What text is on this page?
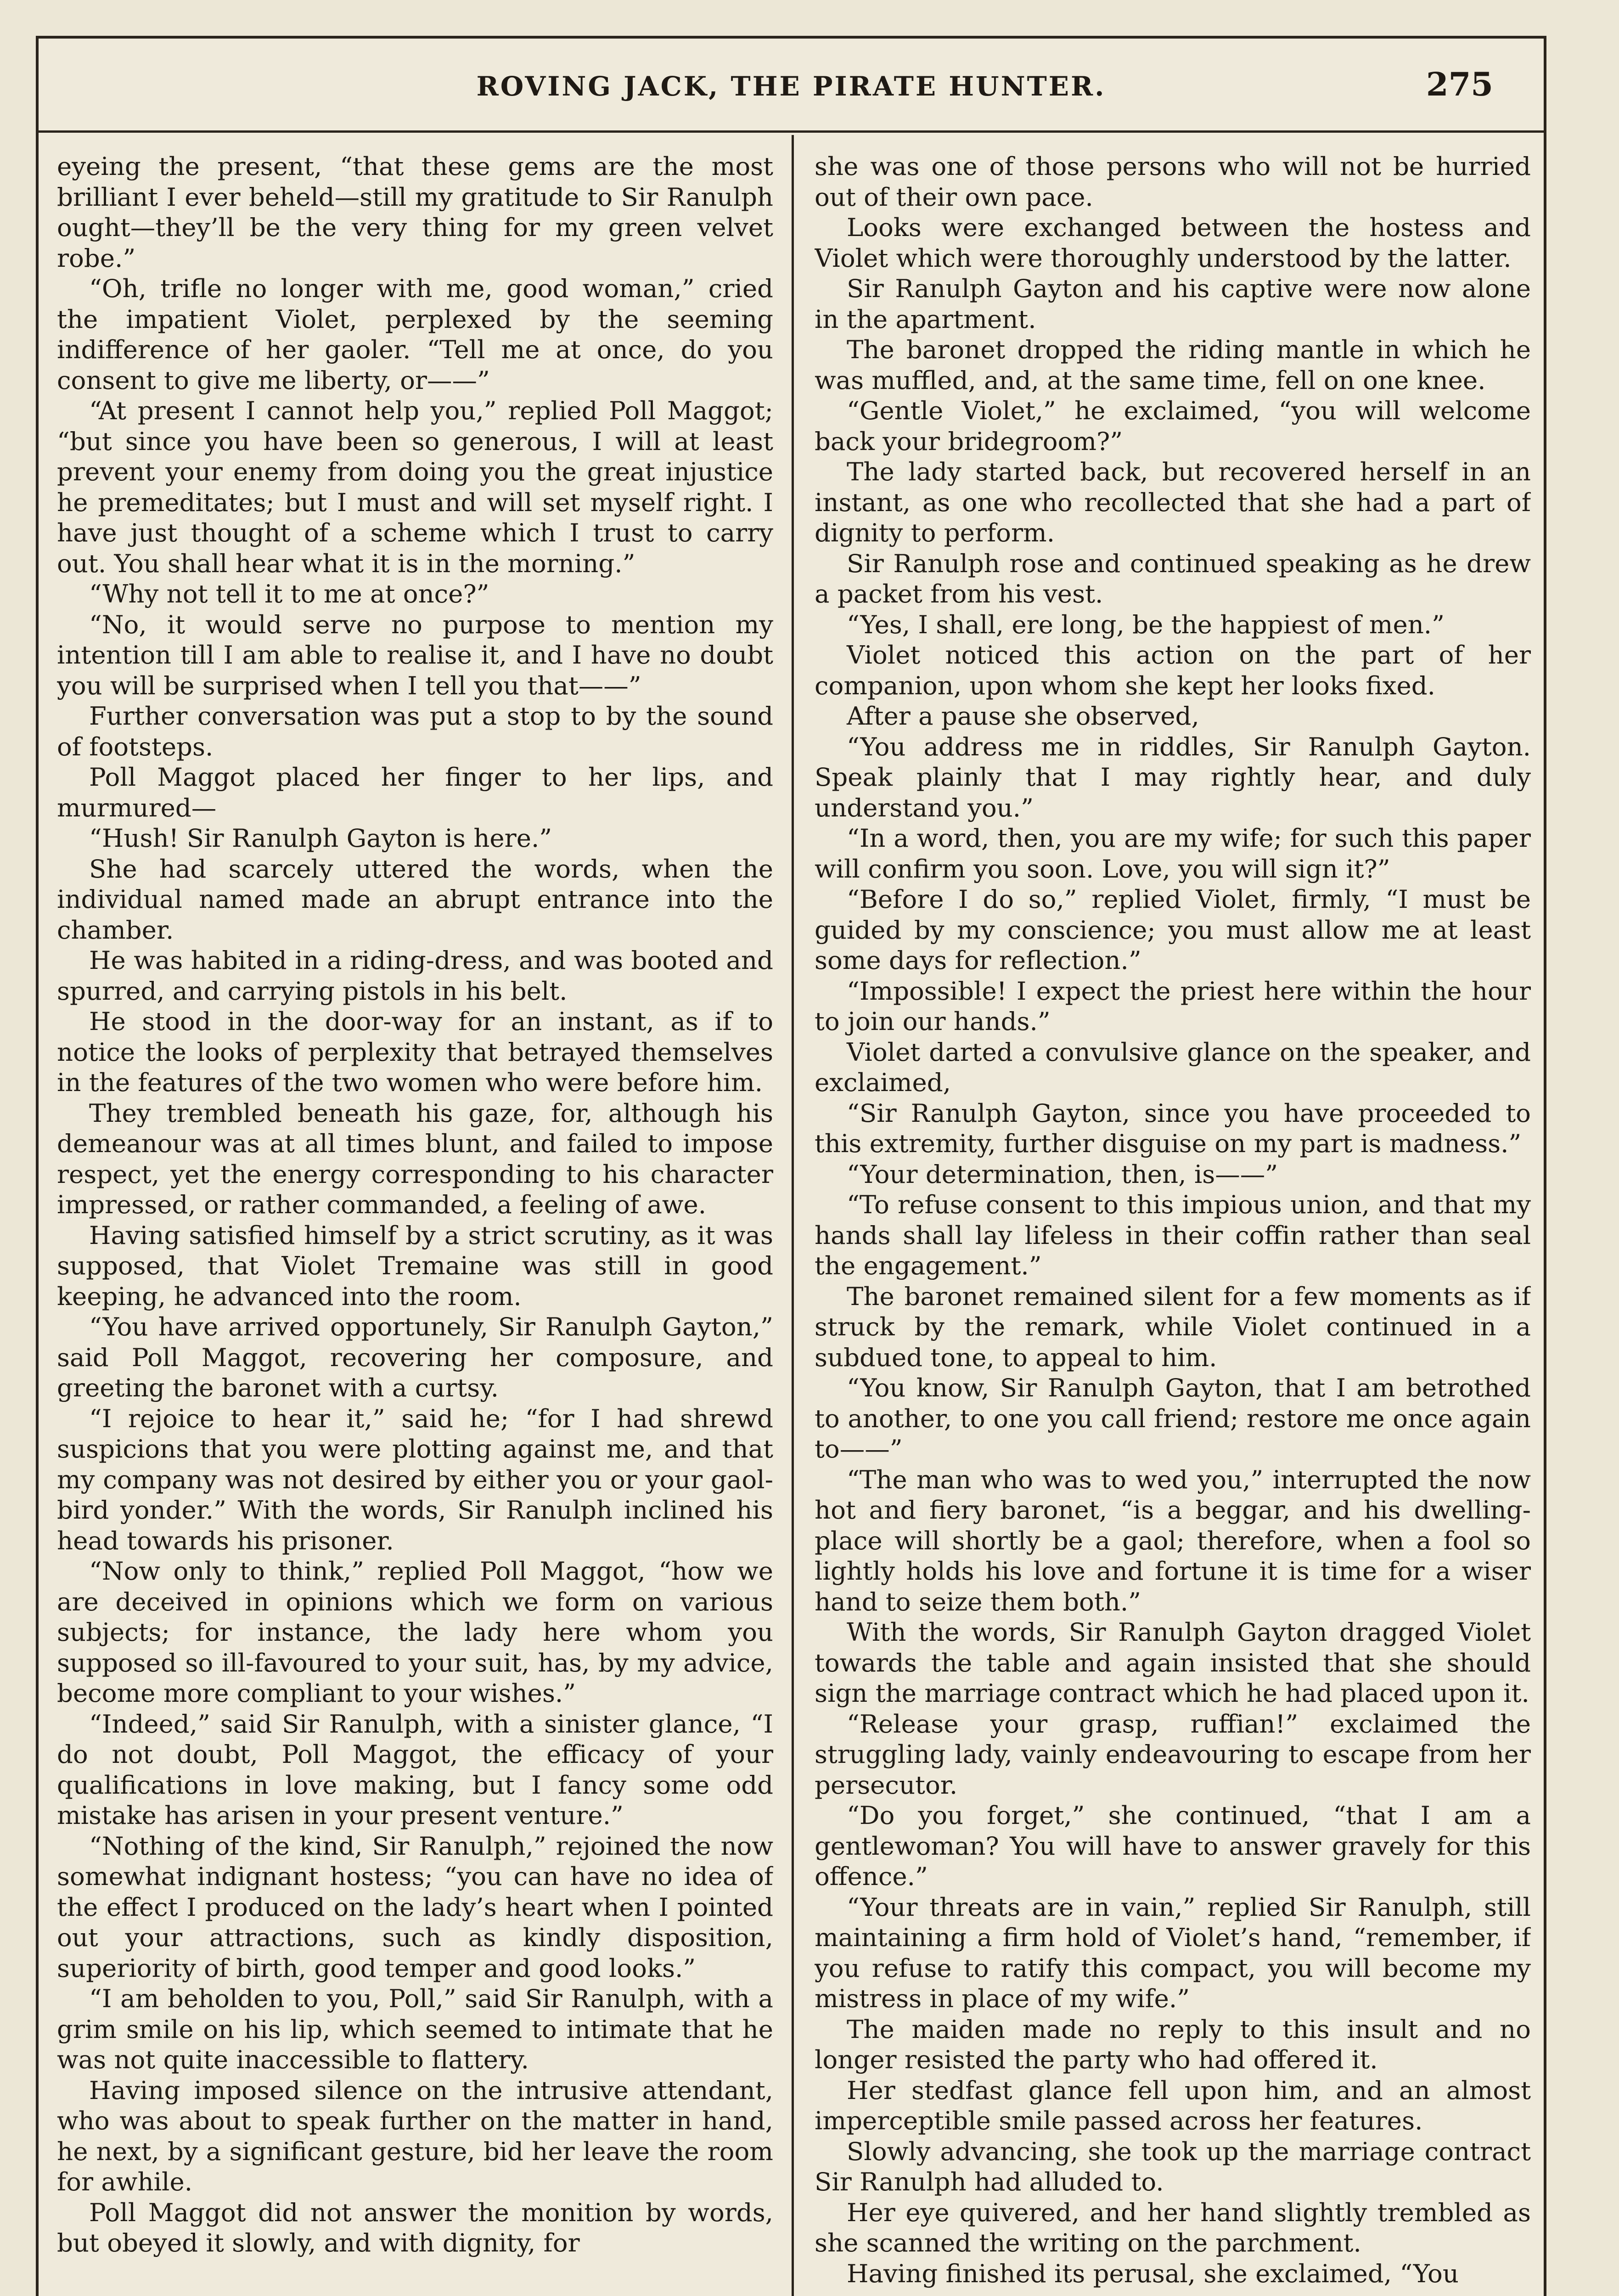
ROVING JACK, THE PIRATE HUNTER.	275

eyeing the present, “that these gems are the most brilliant I ever beheld—still my gratitude to Sir Ranulph ought—they’ll be the very thing for my green velvet robe.”

“Oh, trifle no longer with me, good woman,” cried the impatient Violet, perplexed by the seeming indifference of her gaoler. “Tell me at once, do you consent to give me liberty, or——”

“At present I cannot help you,” replied Poll Maggot; “but since you have been so generous, I will at least prevent your enemy from doing you the great injustice he premeditates; but I must and will set myself right. I have just thought of a scheme which I trust to carry out. You shall hear what it is in the morning.”

“Why not tell it to me at once?”

“No, it would serve no purpose to mention my intention till I am able to realise it, and I have no doubt you will be surprised when I tell you that——”

Further conversation was put a stop to by the sound of footsteps.

Poll Maggot placed her finger to her lips, and murmured—

“Hush! Sir Ranulph Gayton is here.”

She had scarcely uttered the words, when the individual named made an abrupt entrance into the chamber.

He was habited in a riding-dress, and was booted and spurred, and carrying pistols in his belt.

He stood in the door-way for an instant, as if to notice the looks of perplexity that betrayed themselves in the features of the two women who were before him.

They trembled beneath his gaze, for, although his demeanour was at all times blunt, and failed to impose respect, yet the energy corresponding to his character impressed, or rather commanded, a feeling of awe.

Having satisfied himself by a strict scrutiny, as it was supposed, that Violet Tremaine was still in good keeping, he advanced into the room.

“You have arrived opportunely, Sir Ranulph Gayton,” said Poll Maggot, recovering her composure, and greeting the baronet with a curtsy.

“I rejoice to hear it,” said he; “for I had shrewd suspicions that you were plotting against me, and that my company was not desired by either you or your gaol-bird yonder.” With the words, Sir Ranulph inclined his head towards his prisoner.

“Now only to think,” replied Poll Maggot, “how we are deceived in opinions which we form on various subjects; for instance, the lady here whom you supposed so ill-favoured to your suit, has, by my advice, become more compliant to your wishes.”

“Indeed,” said Sir Ranulph, with a sinister glance, “I do not doubt, Poll Maggot, the efficacy of your qualifications in love making, but I fancy some odd mistake has arisen in your present venture.”

“Nothing of the kind, Sir Ranulph,” rejoined the now somewhat indignant hostess; “you can have no idea of the effect I produced on the lady’s heart when I pointed out your attractions, such as kindly disposition, superiority of birth, good temper and good looks.”

“I am beholden to you, Poll,” said Sir Ranulph, with a grim smile on his lip, which seemed to intimate that he was not quite inaccessible to flattery.

Having imposed silence on the intrusive attendant, who was about to speak further on the matter in hand, he next, by a significant gesture, bid her leave the room for awhile.

Poll Maggot did not answer the monition by words, but obeyed it slowly, and with dignity, for

she was one of those persons who will not be hurried out of their own pace.

Looks were exchanged between the hostess and Violet which were thoroughly understood by the latter.

Sir Ranulph Gayton and his captive were now alone in the apartment.

The baronet dropped the riding mantle in which he was muffled, and, at the same time, fell on one knee.

“Gentle Violet,” he exclaimed, “you will welcome back your bridegroom?”

The lady started back, but recovered herself in an instant, as one who recollected that she had a part of dignity to perform.

Sir Ranulph rose and continued speaking as he drew a packet from his vest.

“Yes, I shall, ere long, be the happiest of men.”

Violet noticed this action on the part of her companion, upon whom she kept her looks fixed.

After a pause she observed,

“You address me in riddles, Sir Ranulph Gayton. Speak plainly that I may rightly hear, and duly understand you.”

“In a word, then, you are my wife; for such this paper will confirm you soon. Love, you will sign it?”

“Before I do so,” replied Violet, firmly, “I must be guided by my conscience; you must allow me at least some days for reflection.”

“Impossible! I expect the priest here within the hour to join our hands.”

Violet darted a convulsive glance on the speaker, and exclaimed,

“Sir Ranulph Gayton, since you have proceeded to this extremity, further disguise on my part is madness.”

“Your determination, then, is——”

“To refuse consent to this impious union, and that my hands shall lay lifeless in their coffin rather than seal the engagement.”

The baronet remained silent for a few moments as if struck by the remark, while Violet continued in a subdued tone, to appeal to him.

“You know, Sir Ranulph Gayton, that I am betrothed to another, to one you call friend; restore me once again to——”

“The man who was to wed you,” interrupted the now hot and fiery baronet, “is a beggar, and his dwelling-place will shortly be a gaol; therefore, when a fool so lightly holds his love and fortune it is time for a wiser hand to seize them both.”

With the words, Sir Ranulph Gayton dragged Violet towards the table and again insisted that she should sign the marriage contract which he had placed upon it.

“Release your grasp, ruffian!” exclaimed the struggling lady, vainly endeavouring to escape from her persecutor.

“Do you forget,” she continued, “that I am a gentlewoman? You will have to answer gravely for this offence.”

“Your threats are in vain,” replied Sir Ranulph, still maintaining a firm hold of Violet’s hand, “remember, if you refuse to ratify this compact, you will become my mistress in place of my wife.”

The maiden made no reply to this insult and no longer resisted the party who had offered it.

Her stedfast glance fell upon him, and an almost imperceptible smile passed across her features.

Slowly advancing, she took up the marriage contract Sir Ranulph had alluded to.

Her eye quivered, and her hand slightly trembled as she scanned the writing on the parchment.

Having finished its perusal, she exclaimed, “You
